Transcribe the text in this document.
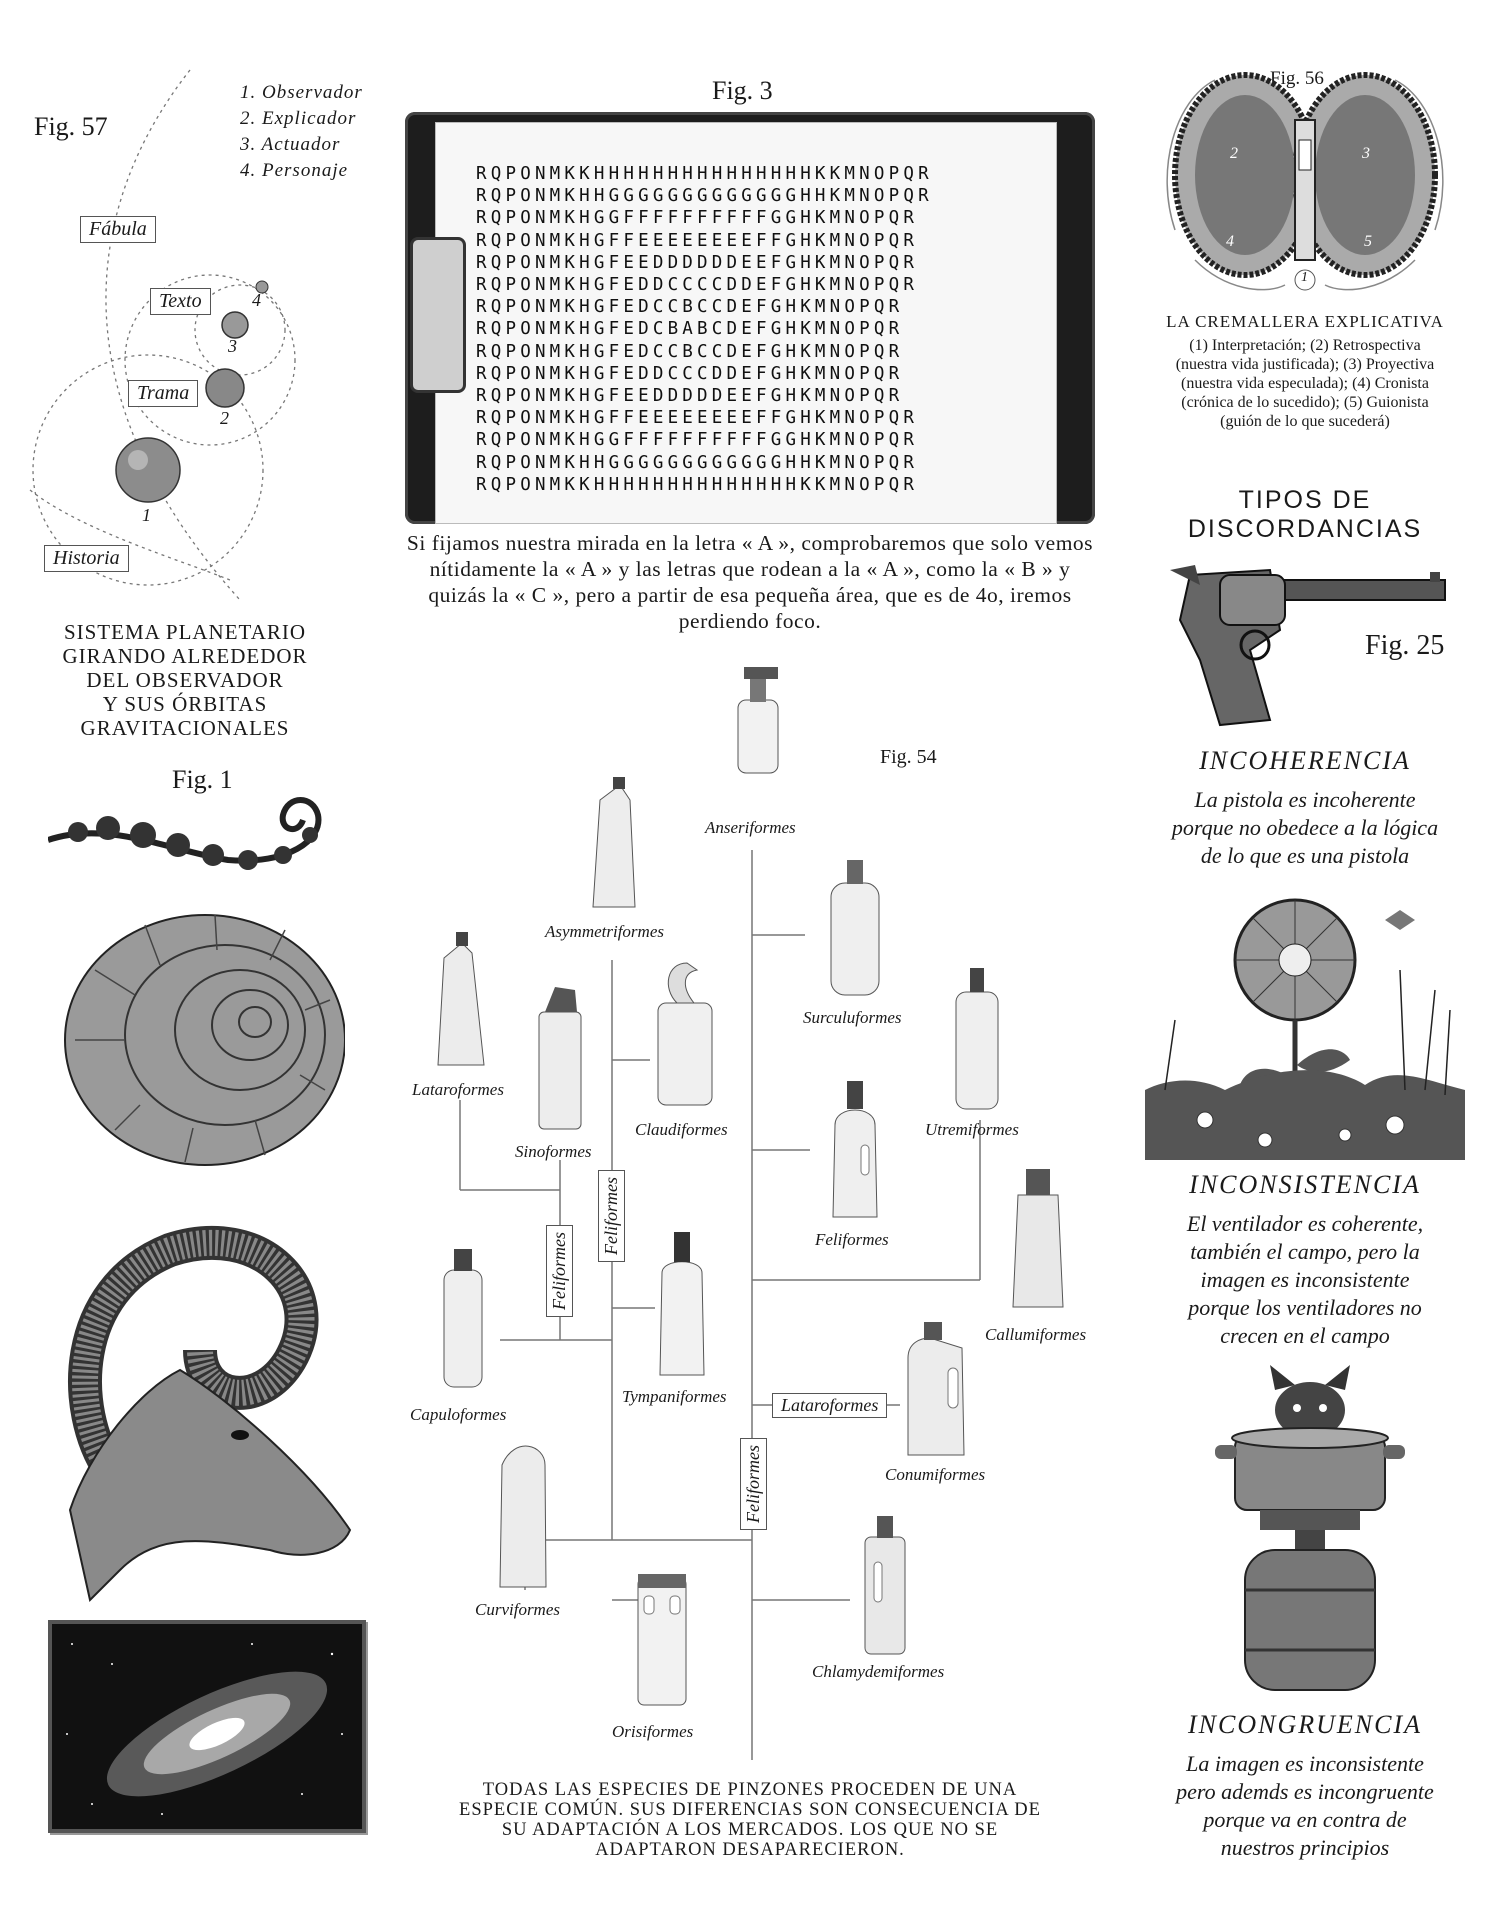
Fig. 57
1. Observador
2. Explicador
3. Actuador
4. Personaje
Fábula
Texto
Trama
Historia
1
2
3
4
SISTEMA PLANETARIO
GIRANDO ALREDEDOR
DEL OBSERVADOR
Y SUS ÓRBITAS
GRAVITACIONALES
Fig. 1
Fig. 3
RQPONMKKHHHHHHHHHHHHHHHKKMNOPQR
RQPONMKHHGGGGGGGGGGGGGHHKMNOPQR
RQPONMKHGGFFFFFFFFFFGGHKMNOPQR
RQPONMKHGFFEEEEEEEEFFGHKMNOPQR
RQPONMKHGFEEDDDDDDEEFGHKMNOPQR
RQPONMKHGFEDDCCCCDDEFGHKMNOPQR
RQPONMKHGFEDCCBCCDEFGHKMNOPQR
RQPONMKHGFEDCBABCDEFGHKMNOPQR
RQPONMKHGFEDCCBCCDEFGHKMNOPQR
RQPONMKHGFEDDCCCDDEFGHKMNOPQR
RQPONMKHGFEEDDDDDEEFGHKMNOPQR
RQPONMKHGFFEEEEEEEEFFGHKMNOPQR
RQPONMKHGGFFFFFFFFFFGGHKMNOPQR
RQPONMKHHGGGGGGGGGGGGHHKMNOPQR
RQPONMKKHHHHHHHHHHHHHHKKMNOPQR
Si fijamos nuestra mirada en la letra « A », comprobaremos que solo vemos nítidamente la « A » y las letras que rodean a la « A », como la « B » y quizás la « C », pero a partir de esa pequeña área, que es de 4o, iremos perdiendo foco.
Fig. 56
2	3
4	5
1
LA CREMALLERA EXPLICATIVA
(1) Interpretación; (2) Retrospectiva
(nuestra vida justificada); (3) Proyectiva
(nuestra vida especulada); (4) Cronista
(crónica de lo sucedido); (5) Guionista
(guión de lo que sucederá)
TIPOS DE
DISCORDANCIAS
Fig. 25
INCOHERENCIA
La pistola es incoherente
porque no obedece a la lógica
de lo que es una pistola
INCONSISTENCIA
El ventilador es coherente,
también el campo, pero la
imagen es inconsistente
porque los ventiladores no
crecen en el campo
INCONGRUENCIA
La imagen es inconsistente
pero ademds es incongruente
porque va en contra de
nuestros principios
Fig. 54
Feliformes
Feliformes
Lataroformes
Feliformes
Anseriformes
Asymmetriformes
Surculuformes
Lataroformes
Sinoformes
Claudiformes	Utremiformes
Feliformes
Callumiformes
Capuloformes
Tympaniformes
Conumiformes
Curviformes
Orisiformes
Chlamydemiformes
TODAS LAS ESPECIES DE PINZONES PROCEDEN DE UNA
ESPECIE COMÚN. SUS DIFERENCIAS SON CONSECUENCIA DE
SU ADAPTACIÓN A LOS MERCADOS. LOS QUE NO SE
ADAPTARON DESAPARECIERON.
